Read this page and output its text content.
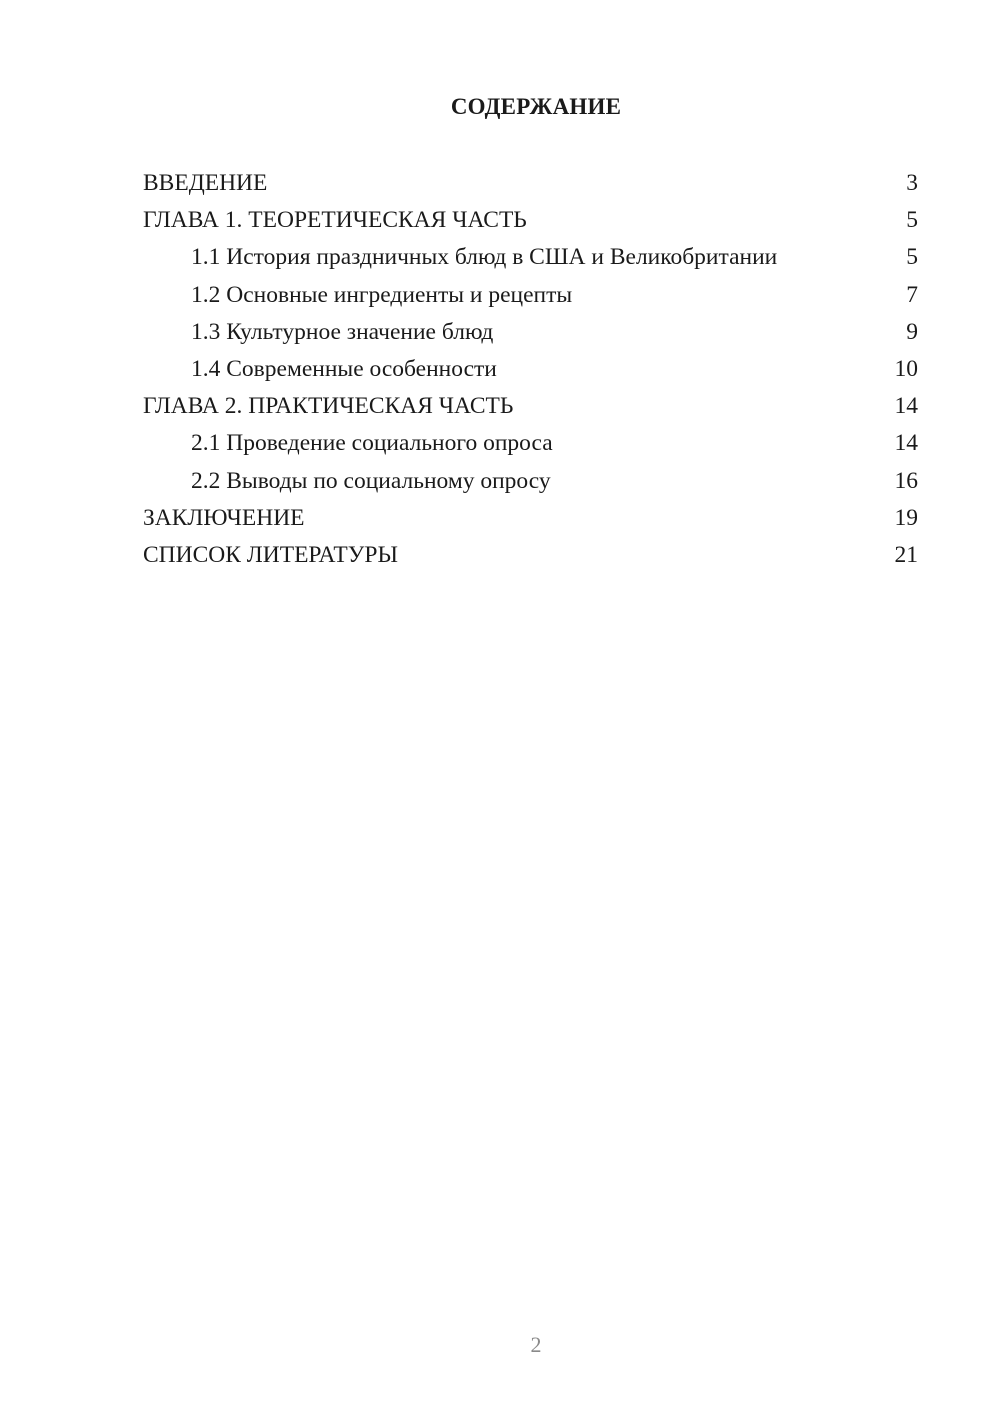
СОДЕРЖАНИЕ
ВВЕДЕНИЕ	3
ГЛАВА 1. ТЕОРЕТИЧЕСКАЯ ЧАСТЬ	5
1.1 История праздничных блюд в США и Великобритании	5
1.2 Основные ингредиенты и рецепты	7
1.3 Культурное значение блюд	9
1.4 Современные особенности	10
ГЛАВА 2. ПРАКТИЧЕСКАЯ ЧАСТЬ	14
2.1 Проведение социального опроса	14
2.2 Выводы по социальному опросу	16
ЗАКЛЮЧЕНИЕ	19
СПИСОК ЛИТЕРАТУРЫ	21
2
